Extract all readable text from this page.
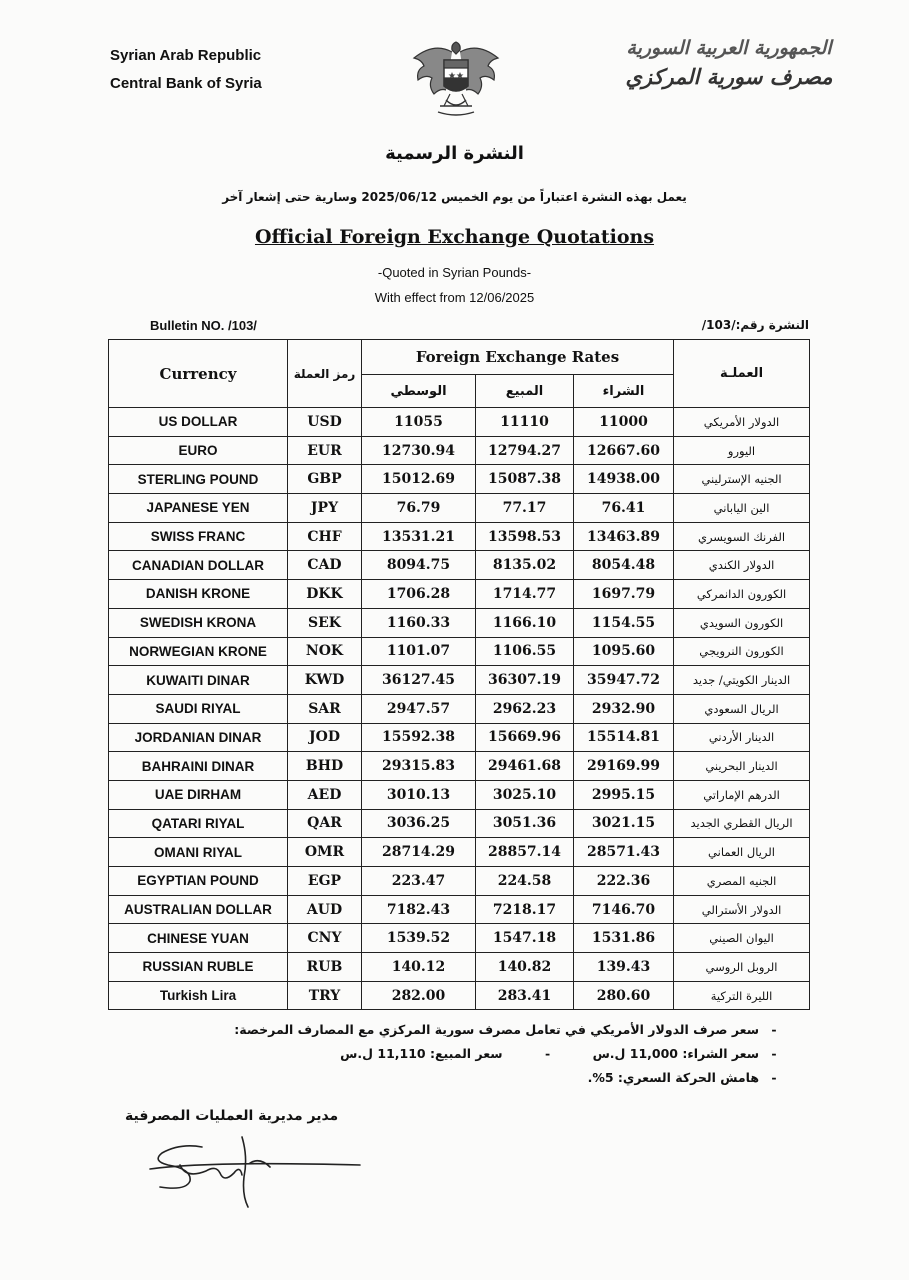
Syrian Arab Republic
Central Bank of Syria
الجمهورية العربية السورية
مصرف سورية المركزي
النشرة الرسمية
يعمل بهذه النشرة اعتباراً من يوم الخميس 2025/06/12 وسارية حتى إشعار آخر
Official Foreign Exchange Quotations
-Quoted in Syrian Pounds-
With effect from 12/06/2025
Bulletin NO. /103/	النشرة رقم:/103/
Currency	رمز العملة	Foreign Exchange Rates			العملـة
		الوسطي	المبيع	الشراء	
US DOLLAR	USD	11055	11110	11000	الدولار الأمريكي
EURO	EUR	12730.94	12794.27	12667.60	اليورو
STERLING POUND	GBP	15012.69	15087.38	14938.00	الجنيه الإسترليني
JAPANESE YEN	JPY	76.79	77.17	76.41	الين الياباني
SWISS FRANC	CHF	13531.21	13598.53	13463.89	الفرنك السويسري
CANADIAN DOLLAR	CAD	8094.75	8135.02	8054.48	الدولار الكندي
DANISH KRONE	DKK	1706.28	1714.77	1697.79	الكورون الدانمركي
SWEDISH KRONA	SEK	1160.33	1166.10	1154.55	الكورون السويدي
NORWEGIAN KRONE	NOK	1101.07	1106.55	1095.60	الكورون النرويجي
KUWAITI DINAR	KWD	36127.45	36307.19	35947.72	الدينار الكويتي/ جديد
SAUDI RIYAL	SAR	2947.57	2962.23	2932.90	الريال السعودي
JORDANIAN DINAR	JOD	15592.38	15669.96	15514.81	الدينار الأردني
BAHRAINI DINAR	BHD	29315.83	29461.68	29169.99	الدينار البحريني
UAE DIRHAM	AED	3010.13	3025.10	2995.15	الدرهم الإماراتي
QATARI RIYAL	QAR	3036.25	3051.36	3021.15	الريال القطري الجديد
OMANI RIYAL	OMR	28714.29	28857.14	28571.43	الريال العماني
EGYPTIAN POUND	EGP	223.47	224.58	222.36	الجنيه المصري
AUSTRALIAN DOLLAR	AUD	7182.43	7218.17	7146.70	الدولار الأسترالي
CHINESE YUAN	CNY	1539.52	1547.18	1531.86	اليوان الصيني
RUSSIAN RUBLE	RUB	140.12	140.82	139.43	الروبل الروسي
Turkish Lira	TRY	282.00	283.41	280.60	الليرة التركية
-سعر صرف الدولار الأمريكي في تعامل مصرف سورية المركزي مع المصارف المرخصة:
-سعر الشراء: 11,000 ل.س-سعر المبيع: 11,110 ل.س
-هامش الحركة السعري: 5%.
مدير مديرية العمليات المصرفية
